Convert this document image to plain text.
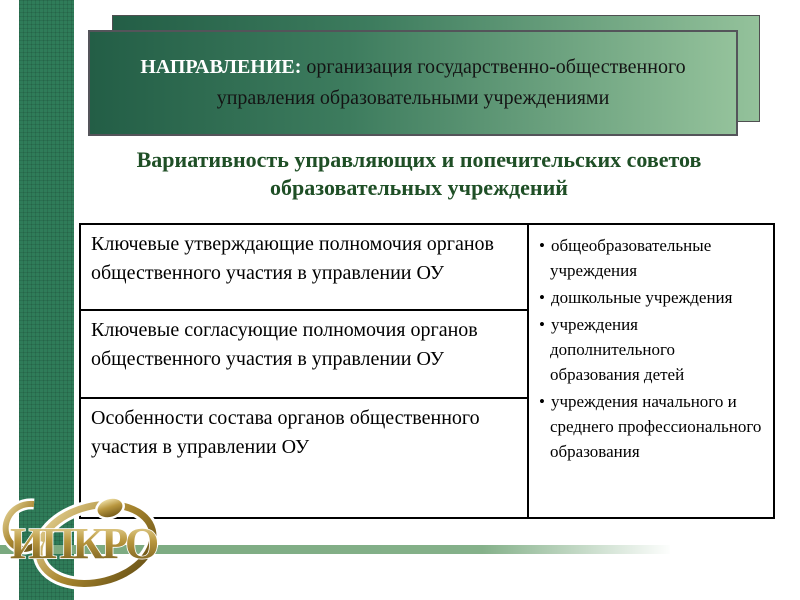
НАПРАВЛЕНИЕ: организация государственно-общественного управления образовательными учреждениями
Вариативность управляющих и попечительских советов образовательных учреждений
Ключевые утверждающие полномочия органов общественного участия в управлении ОУ
Ключевые согласующие полномочия органов общественного участия в управлении ОУ
Особенности состава органов общественного участия в управлении ОУ
• общеобразовательные учреждения
• дошкольные учреждения
• учреждения дополнительного образования детей
• учреждения начального и среднего профессионального образования
ИПКРО
